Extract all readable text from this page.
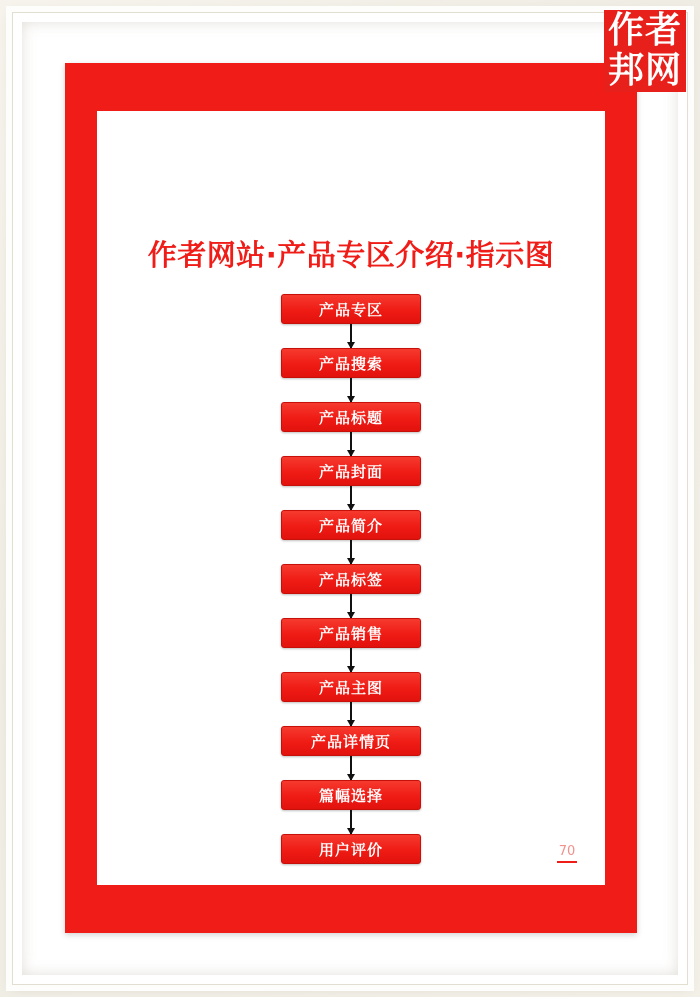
作者
邦网
作者网站·产品专区介绍·指示图
产品专区
产品搜索
产品标题
产品封面
产品简介
产品标签
产品销售
产品主图
产品详情页
篇幅选择
用户评价	70
